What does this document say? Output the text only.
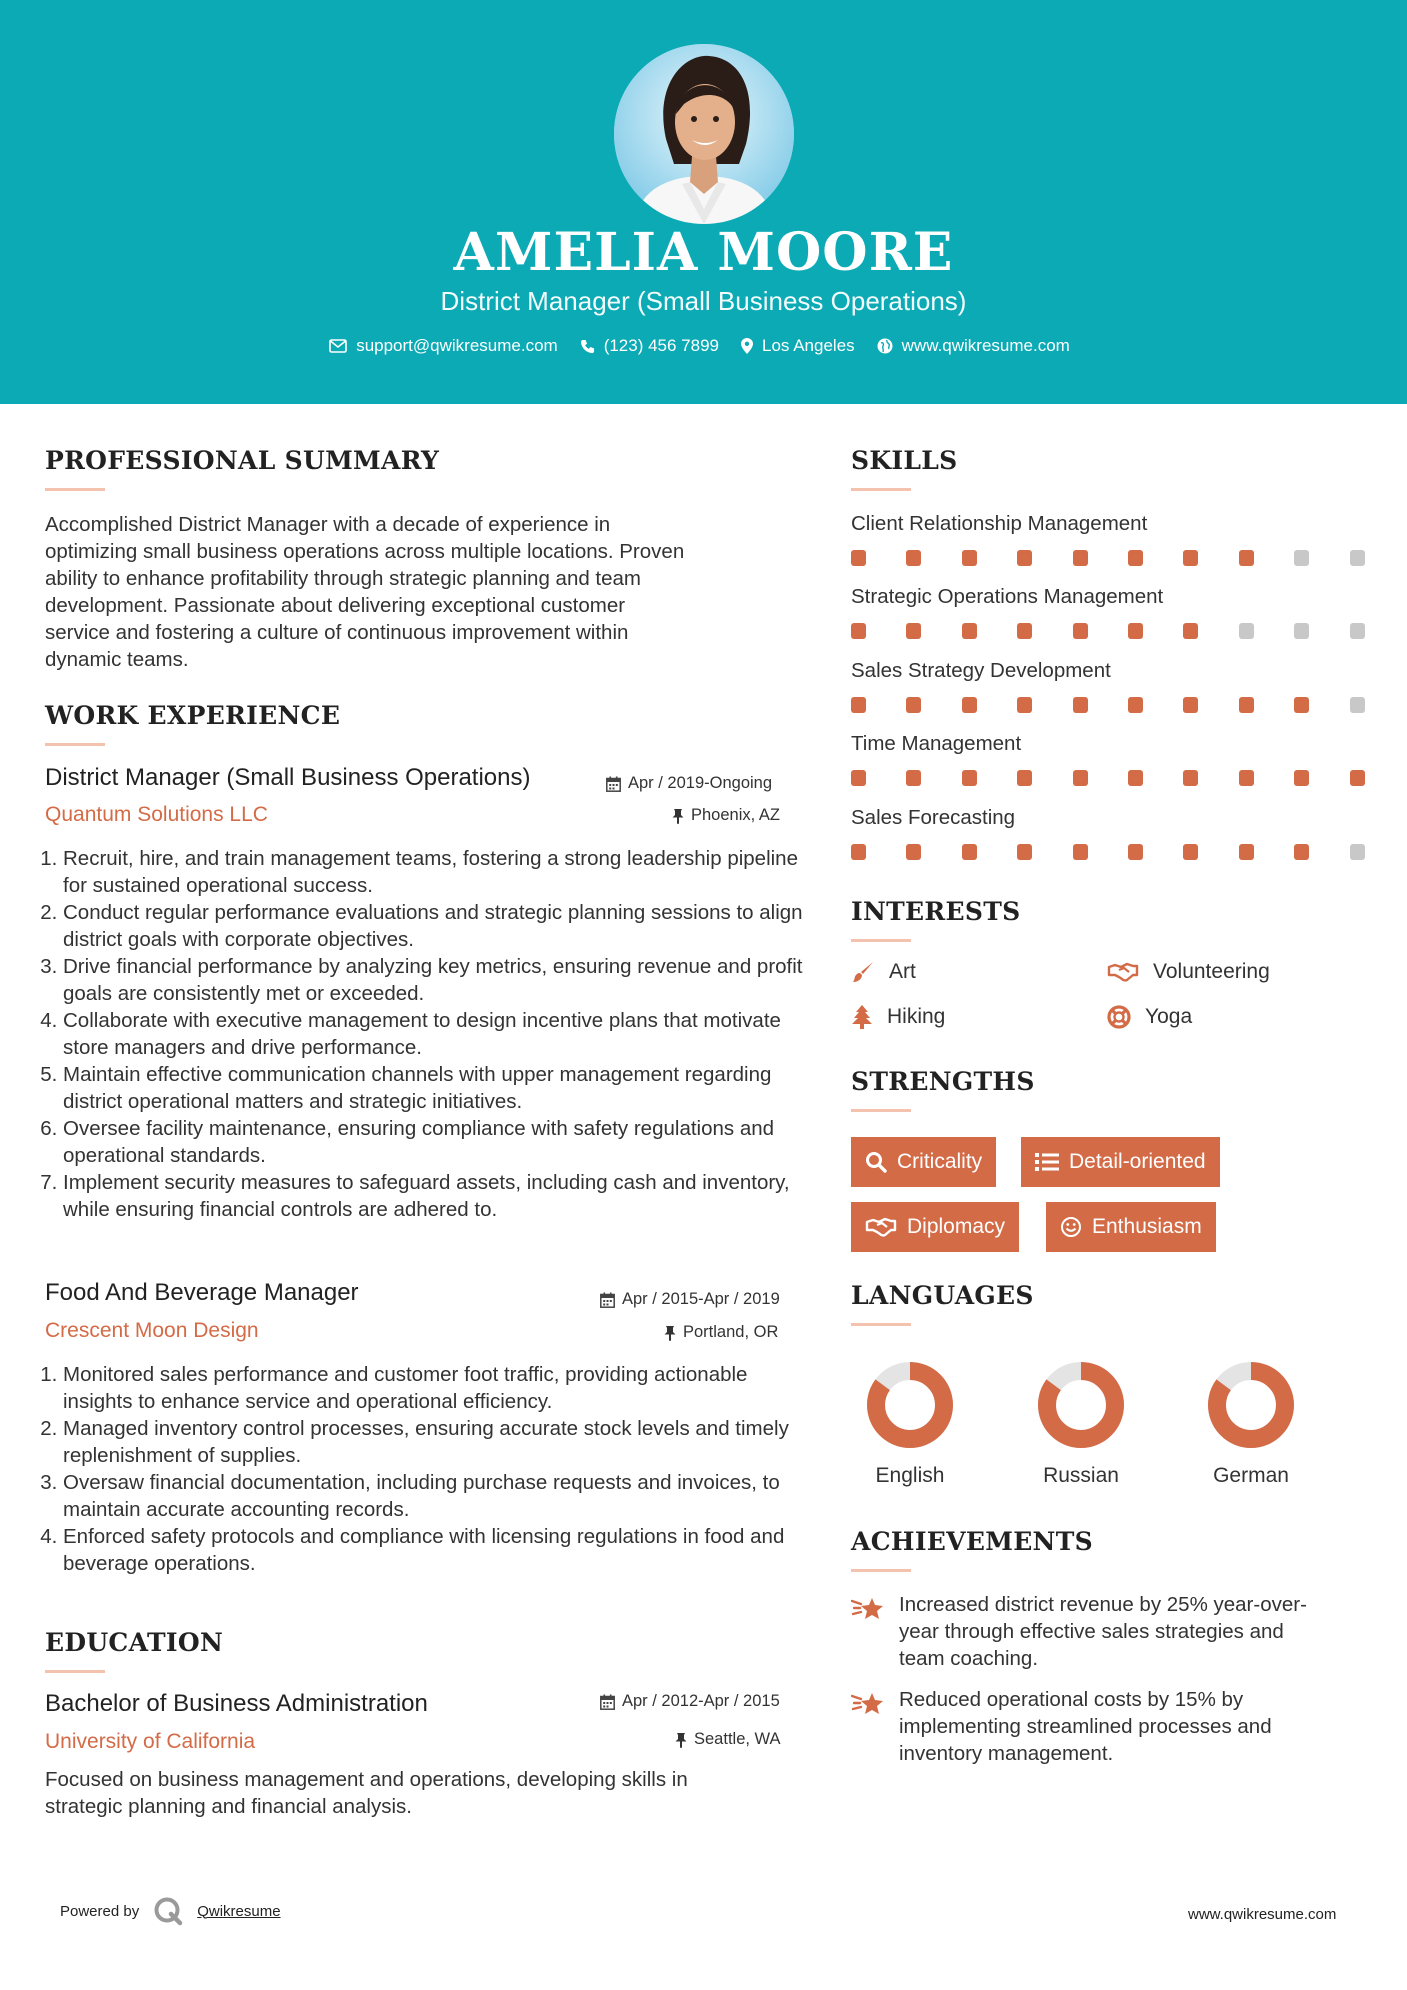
AMELIA MOORE
District Manager (Small Business Operations)
support@qwikresume.com	(123) 456 7899	Los Angeles	www.qwikresume.com
PROFESSIONAL SUMMARY
Accomplished District Manager with a decade of experience in
optimizing small business operations across multiple locations. Proven
ability to enhance profitability through strategic planning and team
development. Passionate about delivering exceptional customer
service and fostering a culture of continuous improvement within
dynamic teams.
WORK EXPERIENCE
District Manager (Small Business Operations)	Apr / 2019-Ongoing
Quantum Solutions LLC	Phoenix, AZ
1. Recruit, hire, and train management teams, fostering a strong leadership pipeline for sustained operational success.
2. Conduct regular performance evaluations and strategic planning sessions to align district goals with corporate objectives.
3. Drive financial performance by analyzing key metrics, ensuring revenue and profit goals are consistently met or exceeded.
4. Collaborate with executive management to design incentive plans that motivate store managers and drive performance.
5. Maintain effective communication channels with upper management regarding district operational matters and strategic initiatives.
6. Oversee facility maintenance, ensuring compliance with safety regulations and operational standards.
7. Implement security measures to safeguard assets, including cash and inventory, while ensuring financial controls are adhered to.
Food And Beverage Manager	Apr / 2015-Apr / 2019
Crescent Moon Design	Portland, OR
1. Monitored sales performance and customer foot traffic, providing actionable insights to enhance service and operational efficiency.
2. Managed inventory control processes, ensuring accurate stock levels and timely replenishment of supplies.
3. Oversaw financial documentation, including purchase requests and invoices, to maintain accurate accounting records.
4. Enforced safety protocols and compliance with licensing regulations in food and beverage operations.
EDUCATION
Bachelor of Business Administration	Apr / 2012-Apr / 2015
University of California	Seattle, WA
Focused on business management and operations, developing skills in
strategic planning and financial analysis.
SKILLS
Client Relationship Management
Strategic Operations Management
Sales Strategy Development
Time Management
Sales Forecasting
INTERESTS
Art	Volunteering
Hiking	Yoga
STRENGTHS
Criticality	Detail-oriented
Diplomacy	Enthusiasm
LANGUAGES
English	Russian	German
ACHIEVEMENTS
Increased district revenue by 25% year-over-
year through effective sales strategies and
team coaching.
Reduced operational costs by 15% by
implementing streamlined processes and
inventory management.
Powered by	Qwikresume	www.qwikresume.com
